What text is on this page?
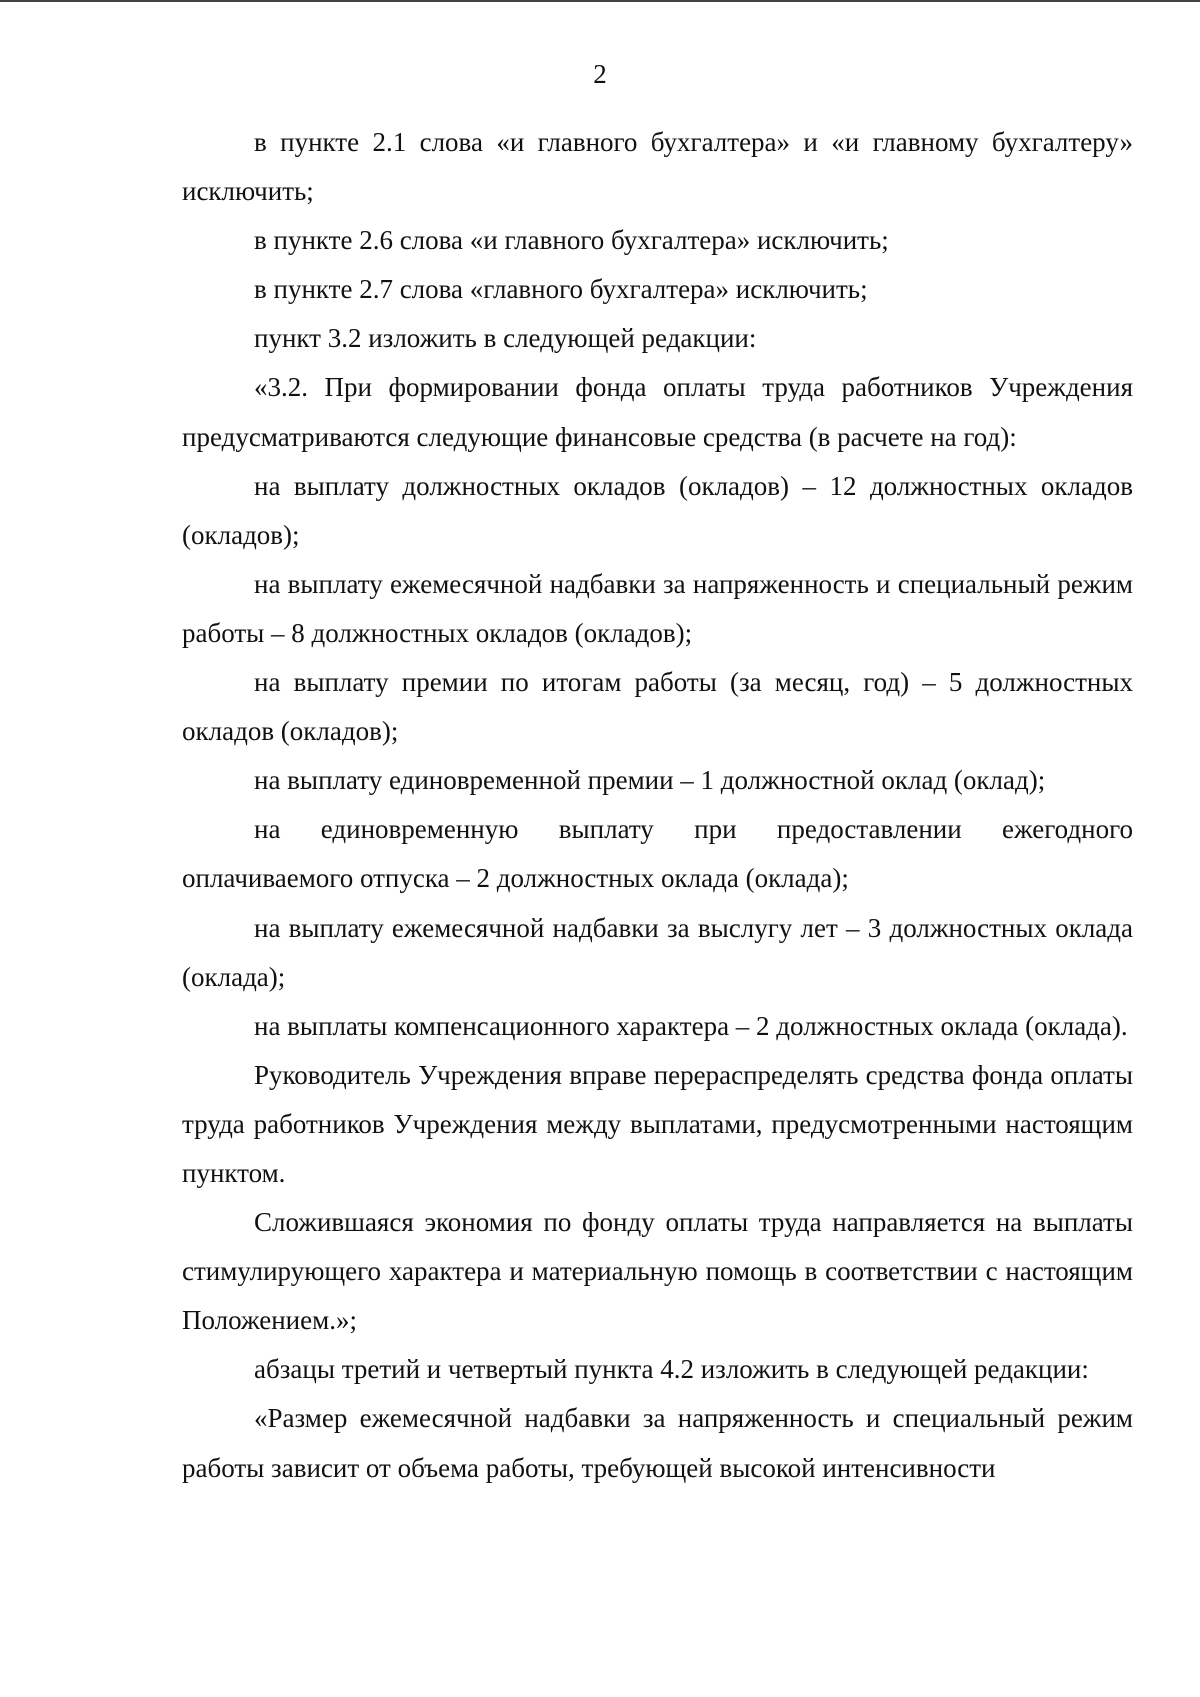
2

в пункте 2.1 слова «и главного бухгалтера» и «и главному бухгалтеру» исключить;

в пункте 2.6 слова «и главного бухгалтера» исключить;

в пункте 2.7 слова «главного бухгалтера» исключить;

пункт 3.2 изложить в следующей редакции:

«3.2. При формировании фонда оплаты труда работников Учреждения предусматриваются следующие финансовые средства (в расчете на год):

на выплату должностных окладов (окладов) – 12 должностных окладов (окладов);

на выплату ежемесячной надбавки за напряженность и специальный режим работы – 8 должностных окладов (окладов);

на выплату премии по итогам работы (за месяц, год) – 5 должностных окладов (окладов);

на выплату единовременной премии – 1 должностной оклад (оклад);

на единовременную выплату при предоставлении ежегодного оплачиваемого отпуска – 2 должностных оклада (оклада);

на выплату ежемесячной надбавки за выслугу лет – 3 должностных оклада (оклада);

на выплаты компенсационного характера – 2 должностных оклада (оклада).

Руководитель Учреждения вправе перераспределять средства фонда оплаты труда работников Учреждения между выплатами, предусмотренными настоящим пунктом.

Сложившаяся экономия по фонду оплаты труда направляется на выплаты стимулирующего характера и материальную помощь в соответствии с настоящим Положением.»;

абзацы третий и четвертый пункта 4.2 изложить в следующей редакции:

«Размер ежемесячной надбавки за напряженность и специальный режим работы зависит от объема работы, требующей высокой интенсивности
